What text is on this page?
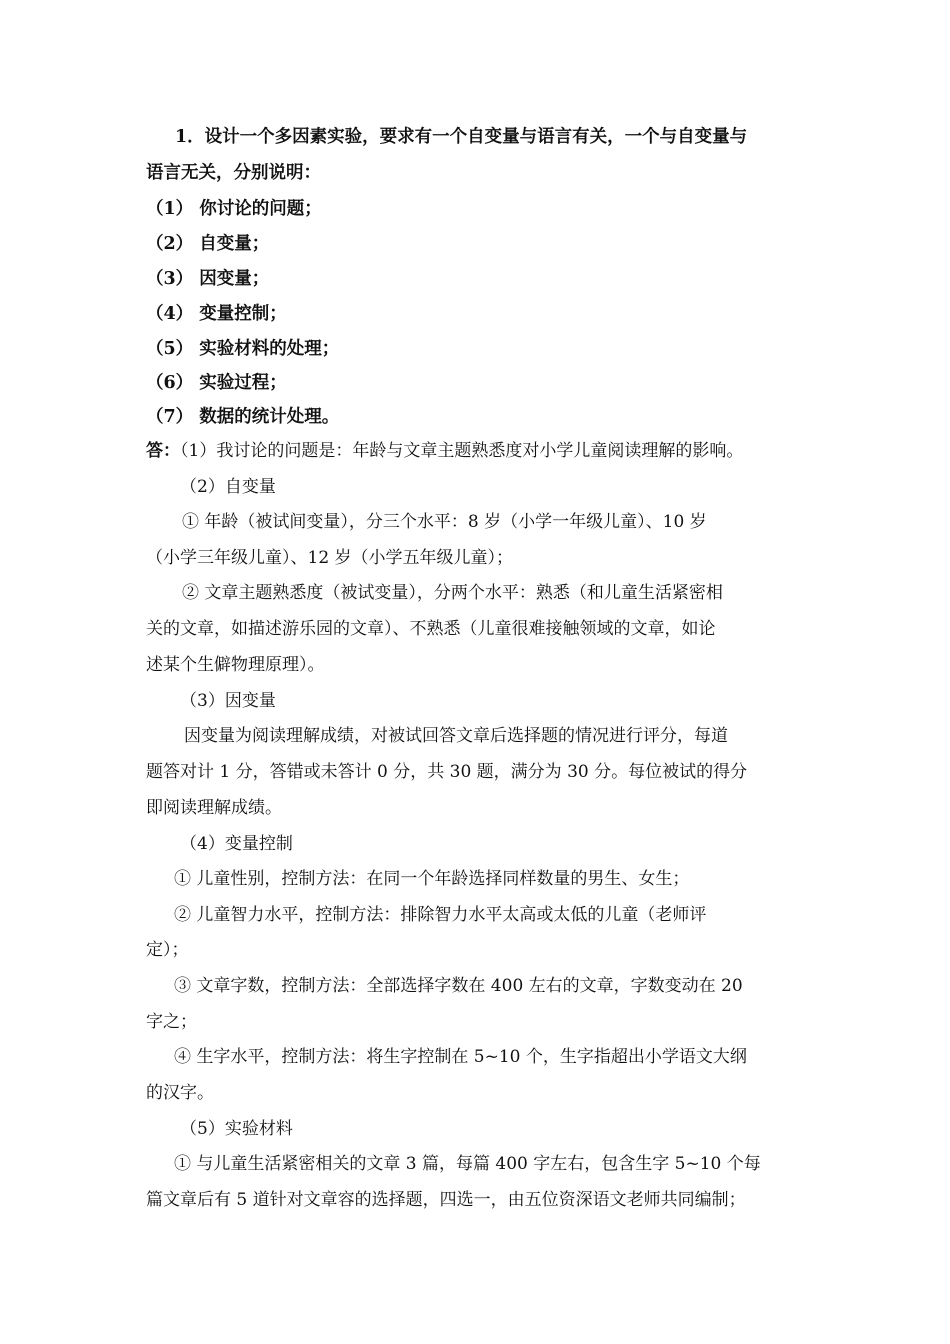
1．设计一个多因素实验，要求有一个自变量与语言有关，一个与自变量与
语言无关，分别说明：
（1） 你讨论的问题；
（2） 自变量；
（3） 因变量；
（4） 变量控制；
（5） 实验材料的处理；
（6） 实验过程；
（7） 数据的统计处理。
答：（1）我讨论的问题是：年龄与文章主题熟悉度对小学儿童阅读理解的影响。
（2）自变量
① 年龄（被试间变量），分三个水平：8 岁（小学一年级儿童）、10 岁
（小学三年级儿童）、12 岁（小学五年级儿童）；
② 文章主题熟悉度（被试变量），分两个水平：熟悉（和儿童生活紧密相
关的文章，如描述游乐园的文章）、不熟悉（儿童很难接触领域的文章，如论
述某个生僻物理原理）。
（3）因变量
因变量为阅读理解成绩，对被试回答文章后选择题的情况进行评分，每道
题答对计 1 分，答错或未答计 0 分，共 30 题，满分为 30 分。每位被试的得分
即阅读理解成绩。
（4）变量控制
① 儿童性别，控制方法：在同一个年龄选择同样数量的男生、女生；
② 儿童智力水平，控制方法：排除智力水平太高或太低的儿童（老师评
定）；
③ 文章字数，控制方法：全部选择字数在 400 左右的文章，字数变动在 20
字之；
④ 生字水平，控制方法：将生字控制在 5~10 个，生字指超出小学语文大纲
的汉字。
（5）实验材料
① 与儿童生活紧密相关的文章 3 篇，每篇 400 字左右，包含生字 5~10 个每
篇文章后有 5 道针对文章容的选择题，四选一，由五位资深语文老师共同编制；
